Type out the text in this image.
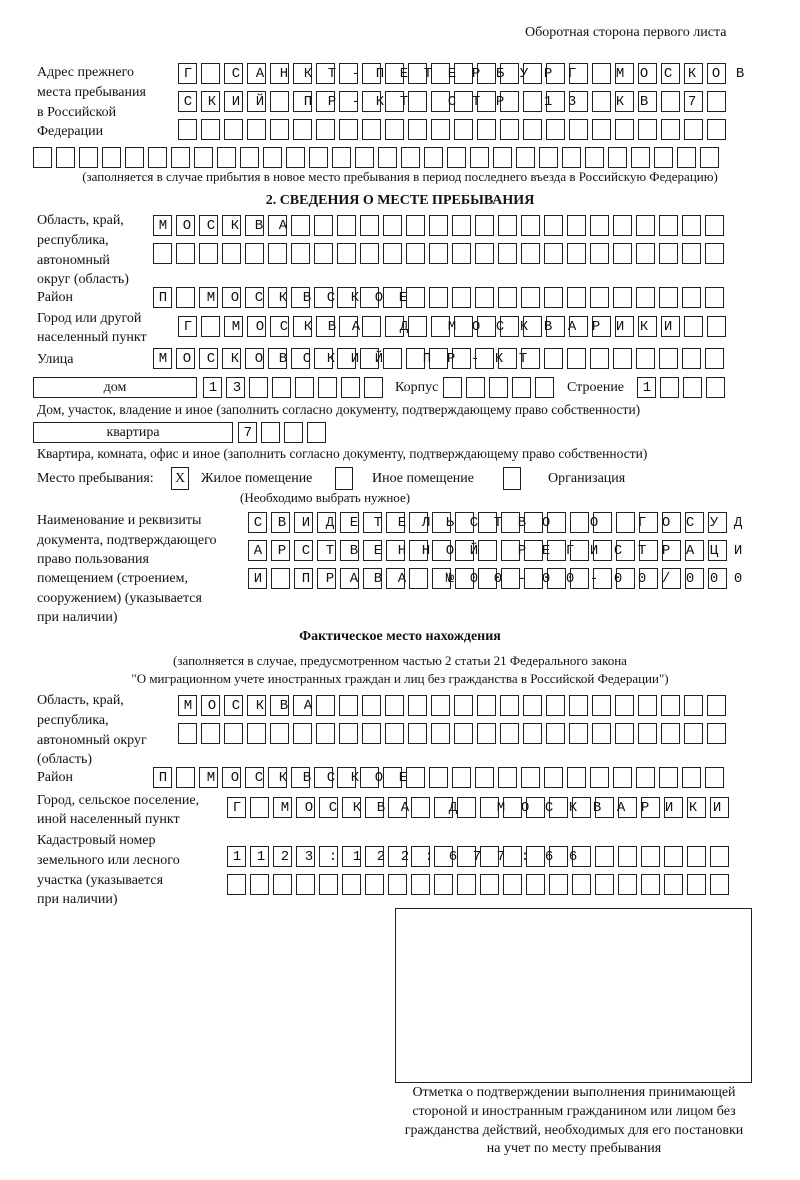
Оборотная сторона первого листа
Адрес прежнего
места пребывания
в Российской
Федерации
Г САНКТ-ПЕТЕРБУРГ МОСКОВ
СКИЙ ПР-КТ СТР 13 КВ 7

(заполняется в случае прибытия в новое место пребывания в период последнего въезда в Российскую Федерацию)
2. СВЕДЕНИЯ О МЕСТЕ ПРЕБЫВАНИЯ
Область, край,
республика,
автономный
округ (область)
МОСКВА

Район	П МОСКВСКОЕ
Город или другой
населенный пункт
Г МОСКВА Д МОСКВАРИКИ
Улица	МОСКОВСКИЙ ПР-КТ
дом	13
Корпус
	Строение	1
Дом, участок, владение и иное (заполнить согласно документу, подтверждающему право собственности)
квартира	7
Квартира, комната, офис и иное (заполнить согласно документу, подтверждающему право собственности)
Место пребывания: X Жилое помещение	Иное помещение	Организация
(Необходимо выбрать нужное)
Наименование и реквизиты
документа, подтверждающего
право пользования
помещением (строением,
сооружением) (указывается
при наличии)
СВИДЕТЕЛЬСТВО О ГОСУД
АРСТВЕННОЙ РЕГИСТРАЦИ
И ПРАВА №00-00-00/000
Фактическое место нахождения
(заполняется в случае, предусмотренном частью 2 статьи 21 Федерального закона
"О миграционном учете иностранных граждан и лиц без гражданства в Российской Федерации")
Область, край,
республика,
автономный округ
(область)
МОСКВА

Район	П МОСКВСКОЕ
Город, сельское поселение,
иной населенный пункт
Г МОСКВА Д МОСКВАРИКИ
Кадастровый номер
земельного или лесного
участка (указывается
при наличии)
1123:122:677:66

Отметка о подтверждении выполнения принимающей
стороной и иностранным гражданином или лицом без
гражданства действий, необходимых для его постановки
на учет по месту пребывания
